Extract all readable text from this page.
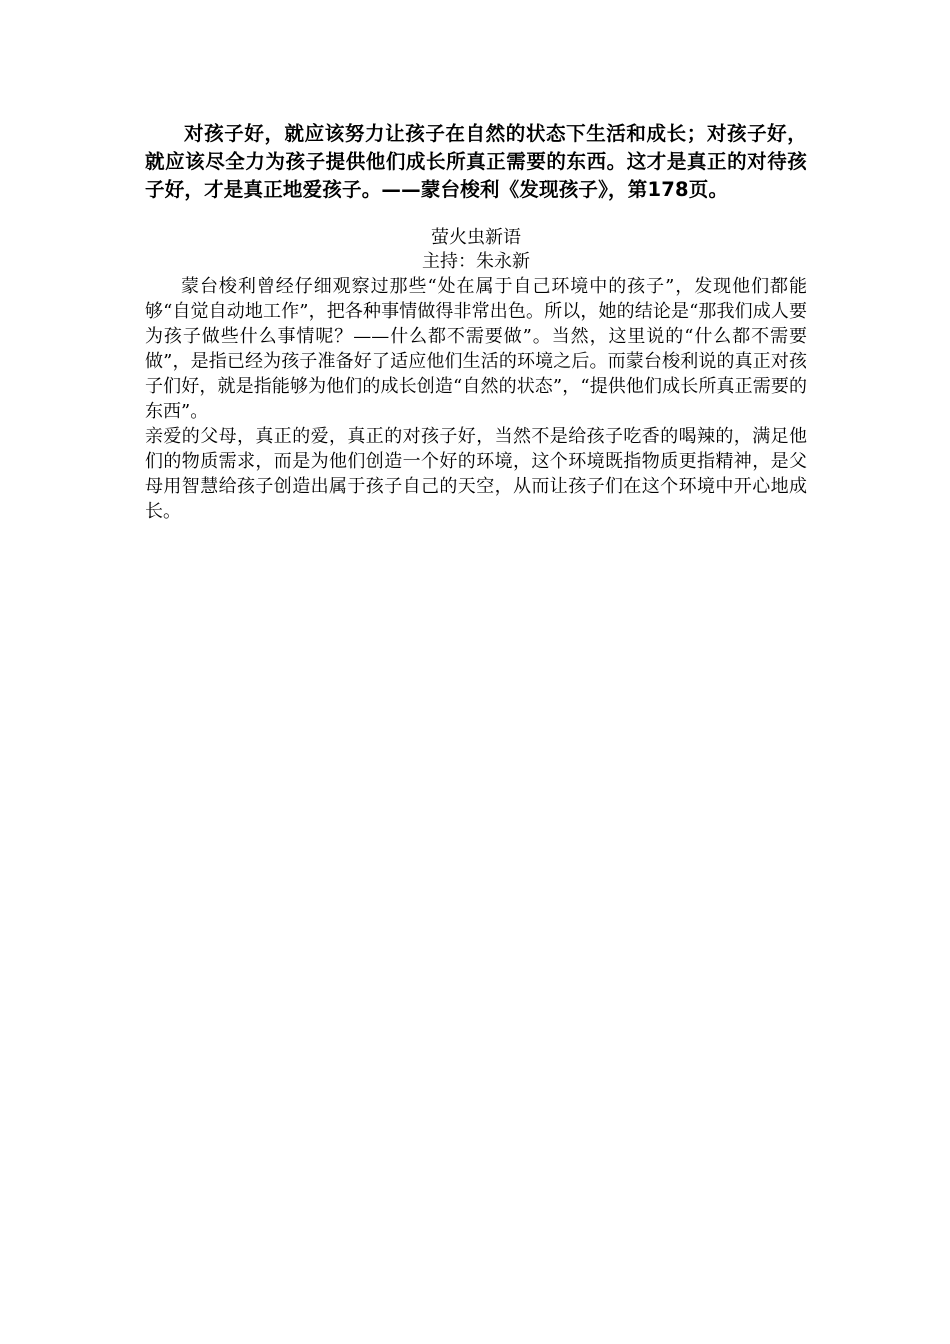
对孩子好，就应该努力让孩子在自然的状态下生活和成长；对孩子好，就应该尽全力为孩子提供他们成长所真正需要的东西。这才是真正的对待孩子好，才是真正地爱孩子。——蒙台梭利《发现孩子》，第178页。

萤火虫新语
主持：朱永新

蒙台梭利曾经仔细观察过那些“处在属于自己环境中的孩子”，发现他们都能够“自觉自动地工作”，把各种事情做得非常出色。所以，她的结论是“那我们成人要为孩子做些什么事情呢？——什么都不需要做”。当然，这里说的“什么都不需要做”，是指已经为孩子准备好了适应他们生活的环境之后。而蒙台梭利说的真正对孩子们好，就是指能够为他们的成长创造“自然的状态”，“提供他们成长所真正需要的东西”。

亲爱的父母，真正的爱，真正的对孩子好，当然不是给孩子吃香的喝辣的，满足他们的物质需求，而是为他们创造一个好的环境，这个环境既指物质更指精神，是父母用智慧给孩子创造出属于孩子自己的天空，从而让孩子们在这个环境中开心地成长。
